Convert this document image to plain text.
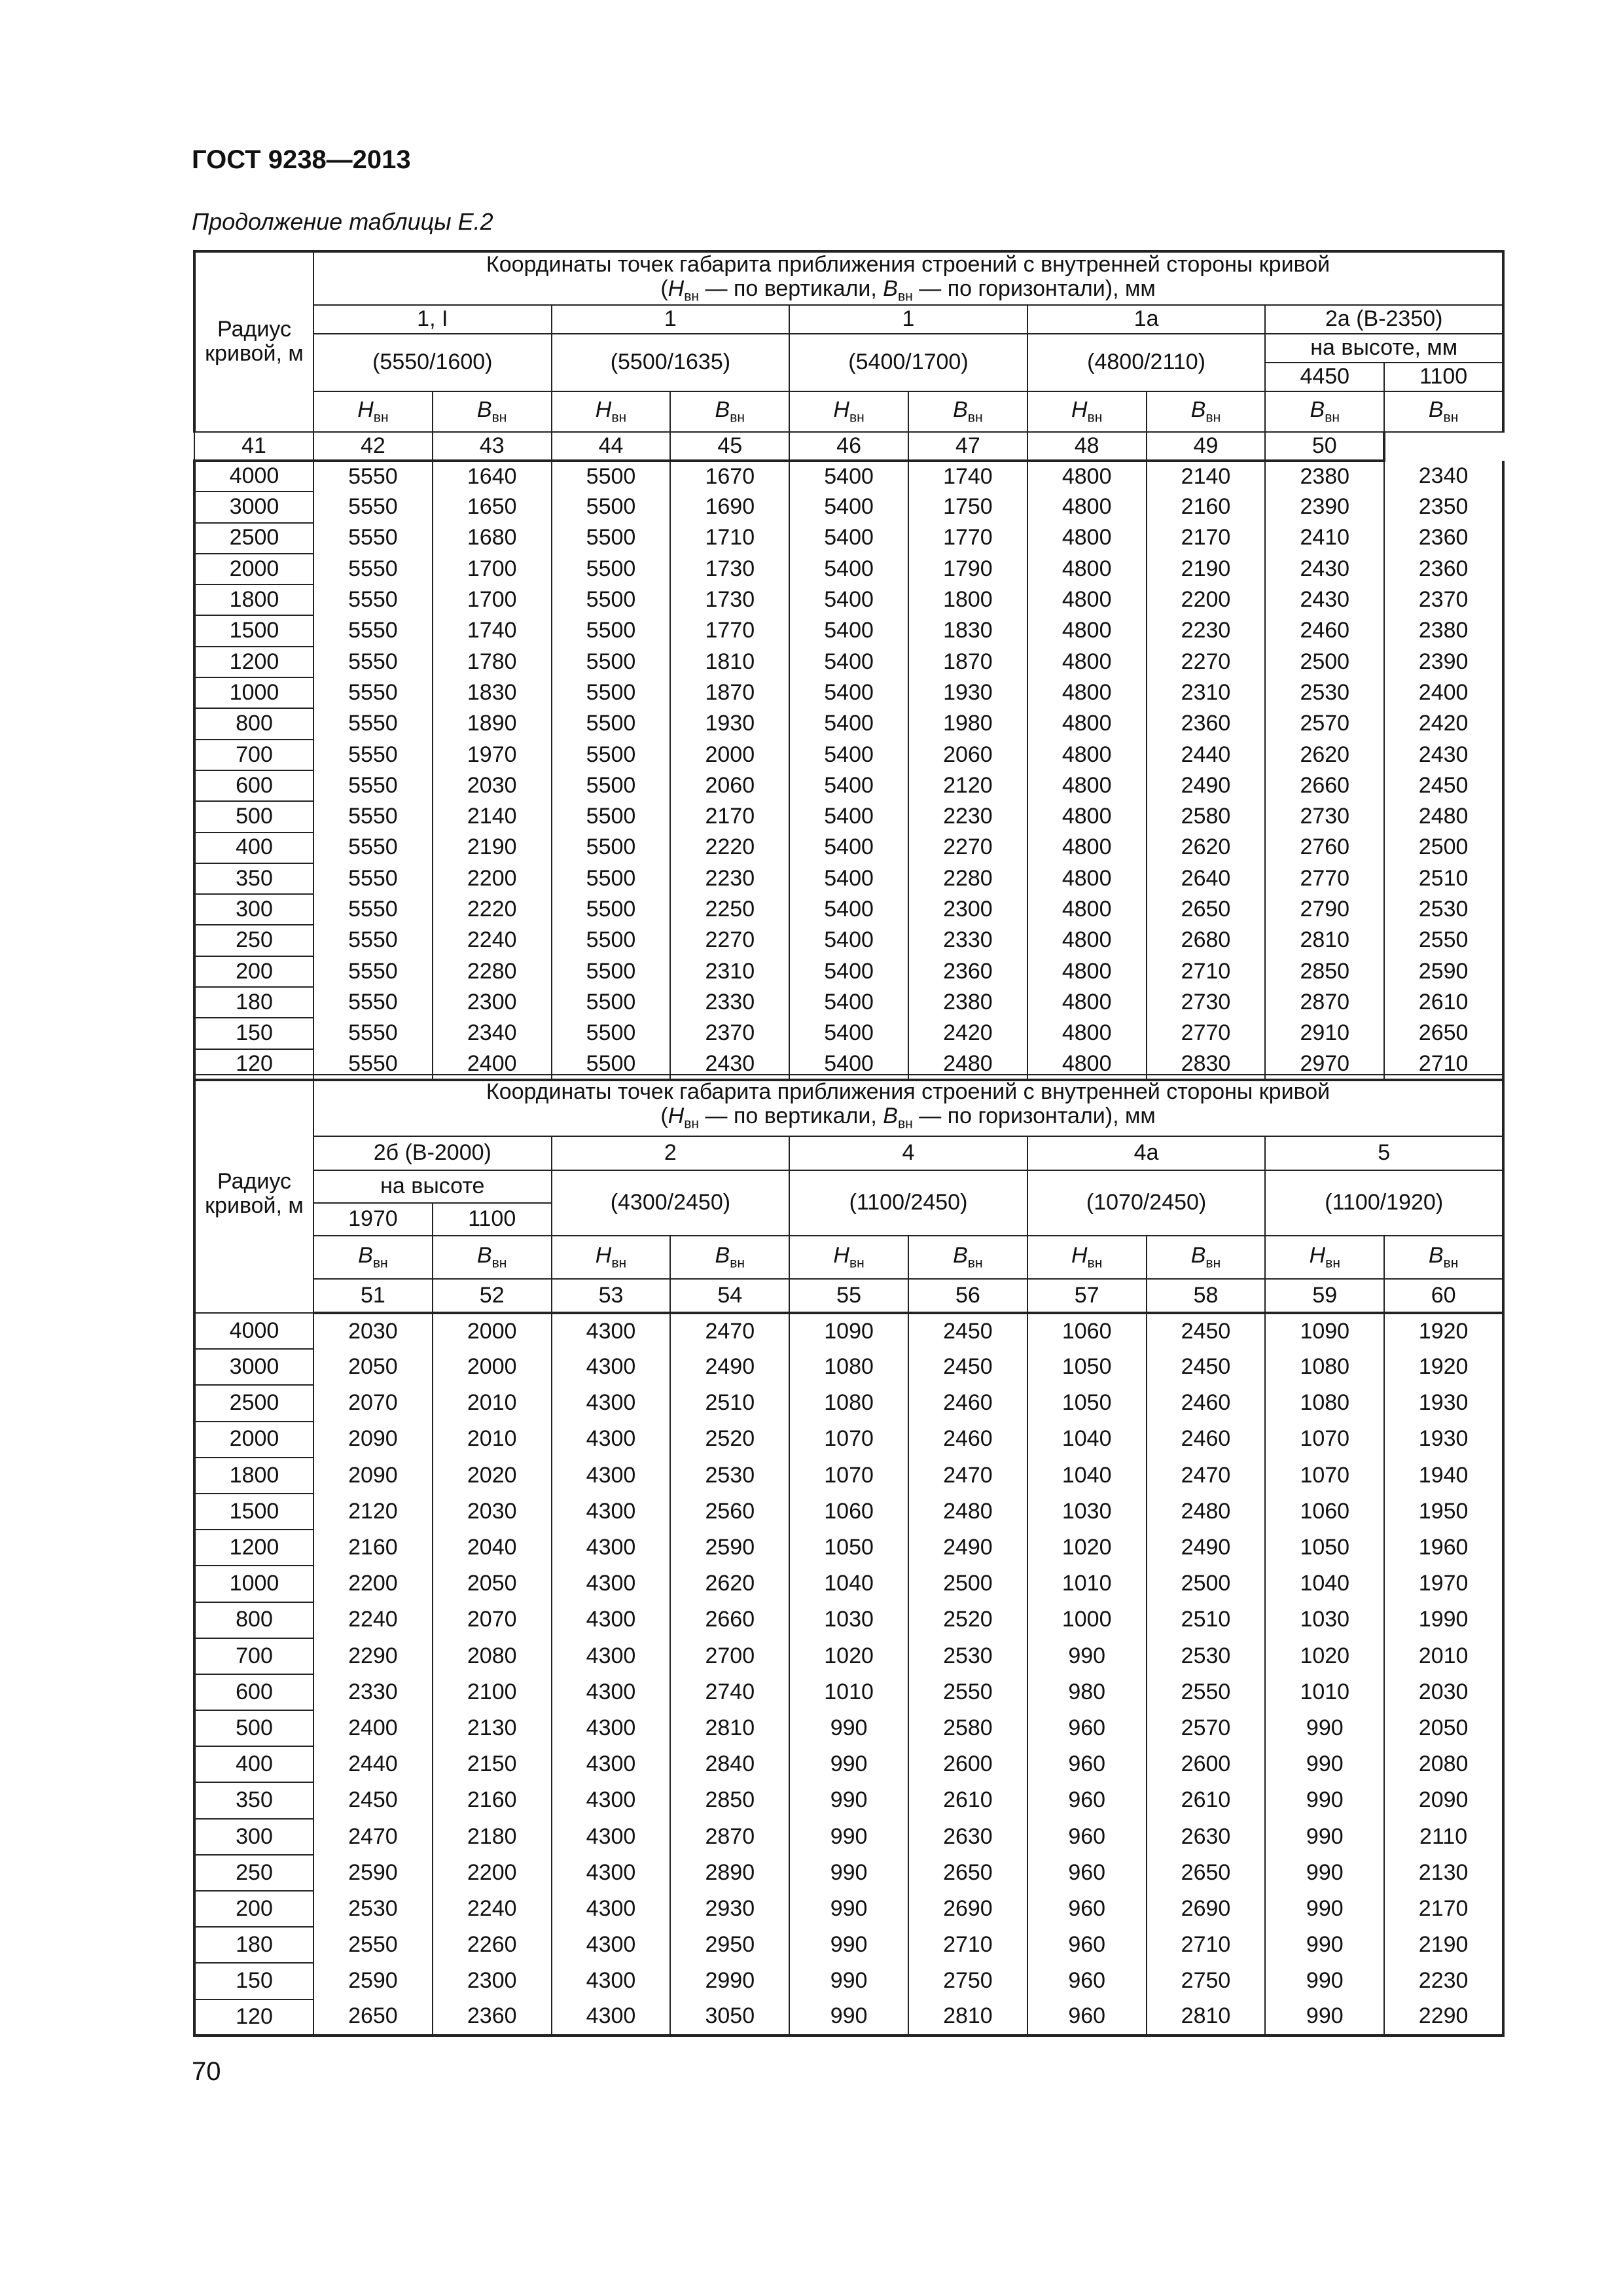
ГОСТ 9238—2013
Продолжение таблицы Е.2
Радиус
кривой, м	Координаты точек габарита приближения строений с внутренней стороны кривой
($H_{вн}$ — по вертикали, $B_{вн}$ — по горизонтали), мм									

	1, I		1		1		1а		2а (В-2350)	
	(5550/1600)		(5500/1635)		(5400/1700)		(4800/2110)		на высоте, мм	
									4450	1100
	$H_{вн}$	$B_{вн}$	$H_{вн}$	$B_{вн}$	$H_{вн}$	$B_{вн}$	$H_{вн}$	$B_{вн}$	$B_{вн}$	$B_{вн}$
41	42	43	44	45	46	47	48	49	50	
4000	5550	1640	5500	1670	5400	1740	4800	2140	2380	2340
3000	5550	1650	5500	1690	5400	1750	4800	2160	2390	2350
2500	5550	1680	5500	1710	5400	1770	4800	2170	2410	2360
2000	5550	1700	5500	1730	5400	1790	4800	2190	2430	2360
1800	5550	1700	5500	1730	5400	1800	4800	2200	2430	2370
1500	5550	1740	5500	1770	5400	1830	4800	2230	2460	2380
1200	5550	1780	5500	1810	5400	1870	4800	2270	2500	2390
1000	5550	1830	5500	1870	5400	1930	4800	2310	2530	2400
800	5550	1890	5500	1930	5400	1980	4800	2360	2570	2420
700	5550	1970	5500	2000	5400	2060	4800	2440	2620	2430
600	5550	2030	5500	2060	5400	2120	4800	2490	2660	2450
500	5550	2140	5500	2170	5400	2230	4800	2580	2730	2480
400	5550	2190	5500	2220	5400	2270	4800	2620	2760	2500
350	5550	2200	5500	2230	5400	2280	4800	2640	2770	2510
300	5550	2220	5500	2250	5400	2300	4800	2650	2790	2530
250	5550	2240	5500	2270	5400	2330	4800	2680	2810	2550
200	5550	2280	5500	2310	5400	2360	4800	2710	2850	2590
180	5550	2300	5500	2330	5400	2380	4800	2730	2870	2610
150	5550	2340	5500	2370	5400	2420	4800	2770	2910	2650
120	5550	2400	5500	2430	5400	2480	4800	2830	2970	2710
Радиус
кривой, м	Координаты точек габарита приближения строений с внутренней стороны кривой
($H_{вн}$ — по вертикали, $B_{вн}$ — по горизонтали), мм									

	2б (В-2000)		2		4		4а		5	
	на высоте		(4300/2450)		(1100/2450)		(1070/2450)		(1100/1920)	
	1970	1100								
	$B_{вн}$	$B_{вн}$	$H_{вн}$	$B_{вн}$	$H_{вн}$	$B_{вн}$	$H_{вн}$	$B_{вн}$	$H_{вн}$	$B_{вн}$
	51	52	53	54	55	56	57	58	59	60
4000	2030	2000	4300	2470	1090	2450	1060	2450	1090	1920
3000	2050	2000	4300	2490	1080	2450	1050	2450	1080	1920
2500	2070	2010	4300	2510	1080	2460	1050	2460	1080	1930
2000	2090	2010	4300	2520	1070	2460	1040	2460	1070	1930
1800	2090	2020	4300	2530	1070	2470	1040	2470	1070	1940
1500	2120	2030	4300	2560	1060	2480	1030	2480	1060	1950
1200	2160	2040	4300	2590	1050	2490	1020	2490	1050	1960
1000	2200	2050	4300	2620	1040	2500	1010	2500	1040	1970
800	2240	2070	4300	2660	1030	2520	1000	2510	1030	1990
700	2290	2080	4300	2700	1020	2530	990	2530	1020	2010
600	2330	2100	4300	2740	1010	2550	980	2550	1010	2030
500	2400	2130	4300	2810	990	2580	960	2570	990	2050
400	2440	2150	4300	2840	990	2600	960	2600	990	2080
350	2450	2160	4300	2850	990	2610	960	2610	990	2090
300	2470	2180	4300	2870	990	2630	960	2630	990	2110
250	2590	2200	4300	2890	990	2650	960	2650	990	2130
200	2530	2240	4300	2930	990	2690	960	2690	990	2170
180	2550	2260	4300	2950	990	2710	960	2710	990	2190
150	2590	2300	4300	2990	990	2750	960	2750	990	2230
120	2650	2360	4300	3050	990	2810	960	2810	990	2290
70
